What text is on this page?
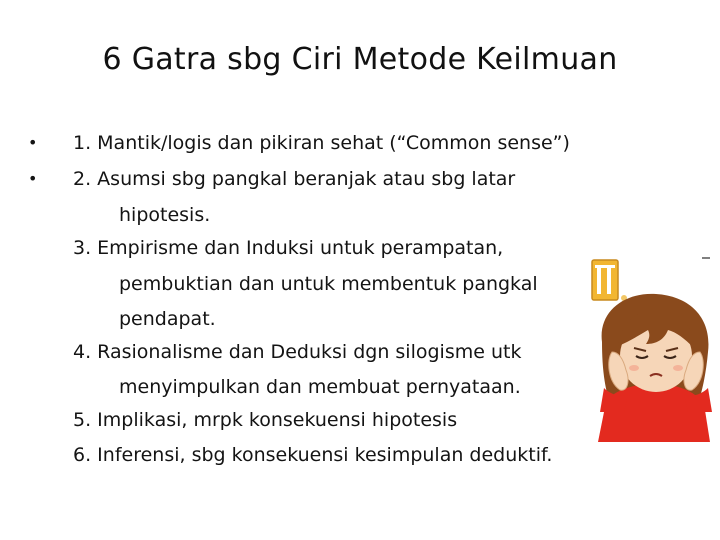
6 Gatra sbg Ciri Metode Keilmuan
•
•
1. Mantik/logis dan pikiran sehat (“Common sense”)
2. Asumsi sbg pangkal beranjak atau sbg latar
hipotesis.
3. Empirisme dan Induksi untuk perampatan,
pembuktian dan untuk membentuk pangkal
pendapat.
4. Rasionalisme dan Deduksi dgn silogisme utk
menyimpulkan dan membuat pernyataan.
5. Implikasi, mrpk konsekuensi hipotesis
6. Inferensi, sbg konsekuensi kesimpulan deduktif.
